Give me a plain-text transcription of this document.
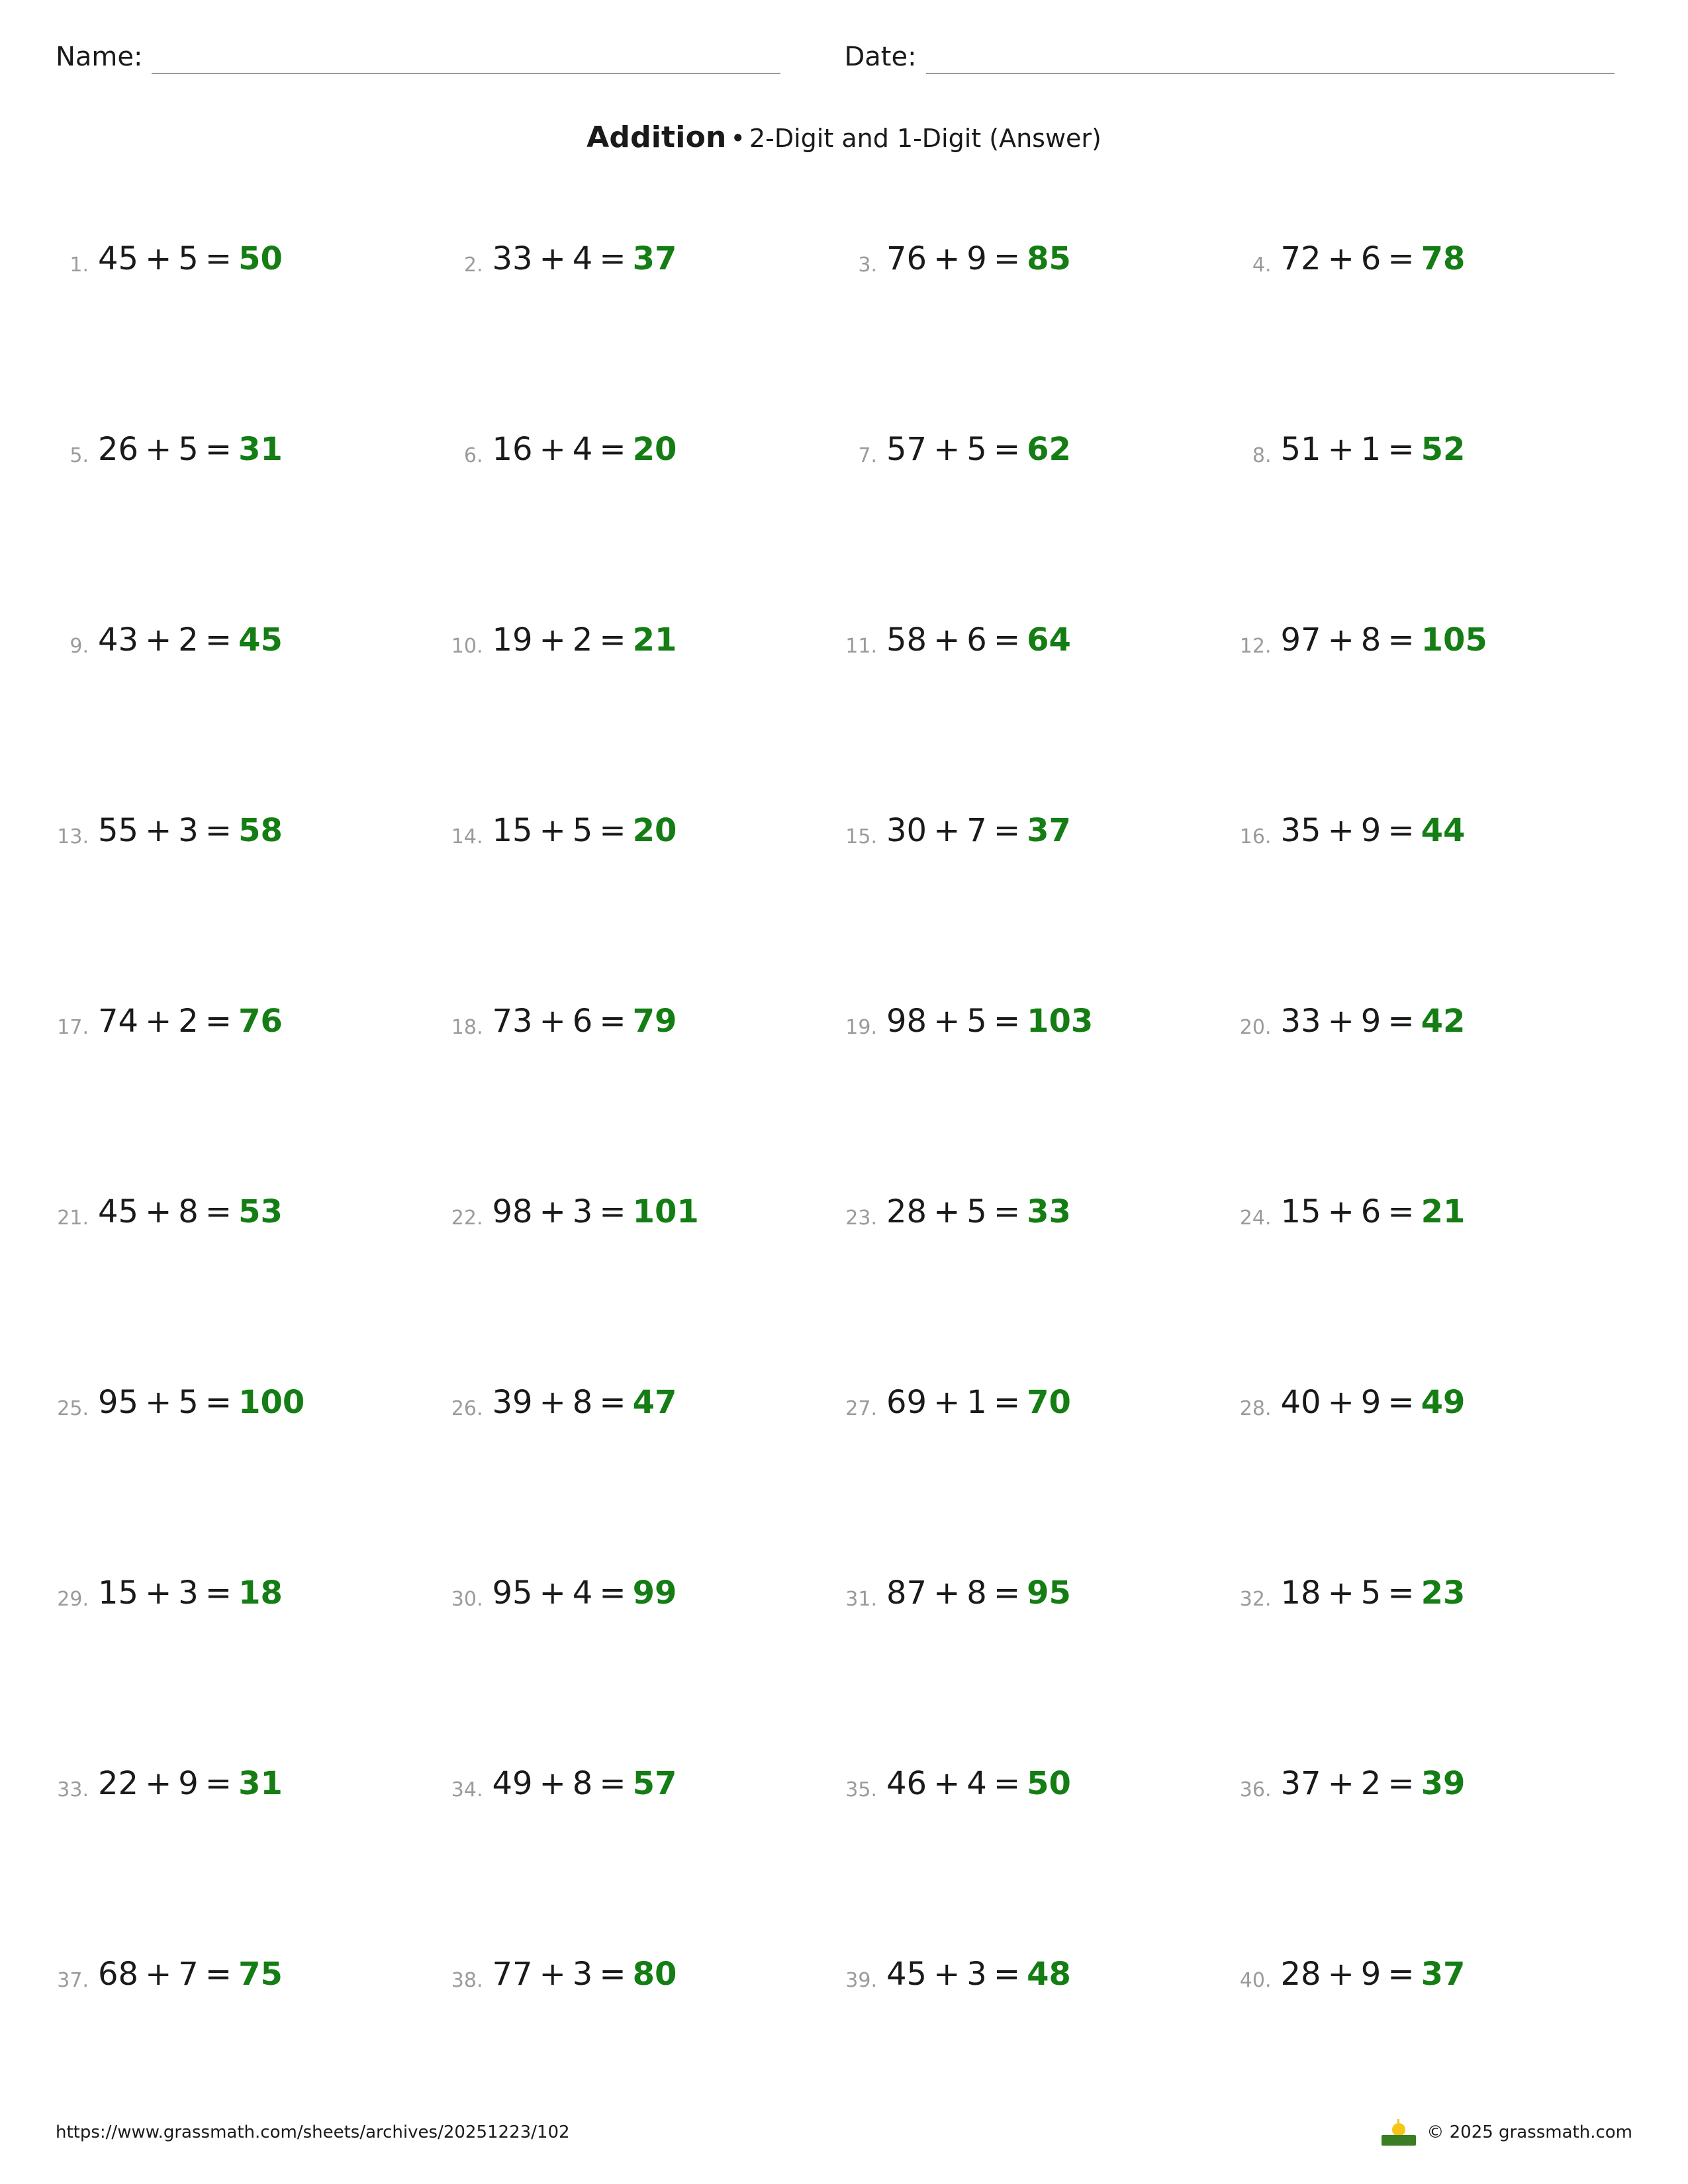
Name:	Date:
Addition • 2-Digit and 1-Digit (Answer)
1. 45 + 5 = 50	2. 33 + 4 = 37	3. 76 + 9 = 85	4. 72 + 6 = 78
5. 26 + 5 = 31	6. 16 + 4 = 20	7. 57 + 5 = 62	8. 51 + 1 = 52
9. 43 + 2 = 45	10. 19 + 2 = 21	11. 58 + 6 = 64	12. 97 + 8 = 105
13. 55 + 3 = 58	14. 15 + 5 = 20	15. 30 + 7 = 37	16. 35 + 9 = 44
17. 74 + 2 = 76	18. 73 + 6 = 79	19. 98 + 5 = 103	20. 33 + 9 = 42
21. 45 + 8 = 53	22. 98 + 3 = 101	23. 28 + 5 = 33	24. 15 + 6 = 21
25. 95 + 5 = 100	26. 39 + 8 = 47	27. 69 + 1 = 70	28. 40 + 9 = 49
29. 15 + 3 = 18	30. 95 + 4 = 99	31. 87 + 8 = 95	32. 18 + 5 = 23
33. 22 + 9 = 31	34. 49 + 8 = 57	35. 46 + 4 = 50	36. 37 + 2 = 39
37. 68 + 7 = 75	38. 77 + 3 = 80	39. 45 + 3 = 48	40. 28 + 9 = 37
https://www.grassmath.com/sheets/archives/20251223/102	© 2025 grassmath.com
